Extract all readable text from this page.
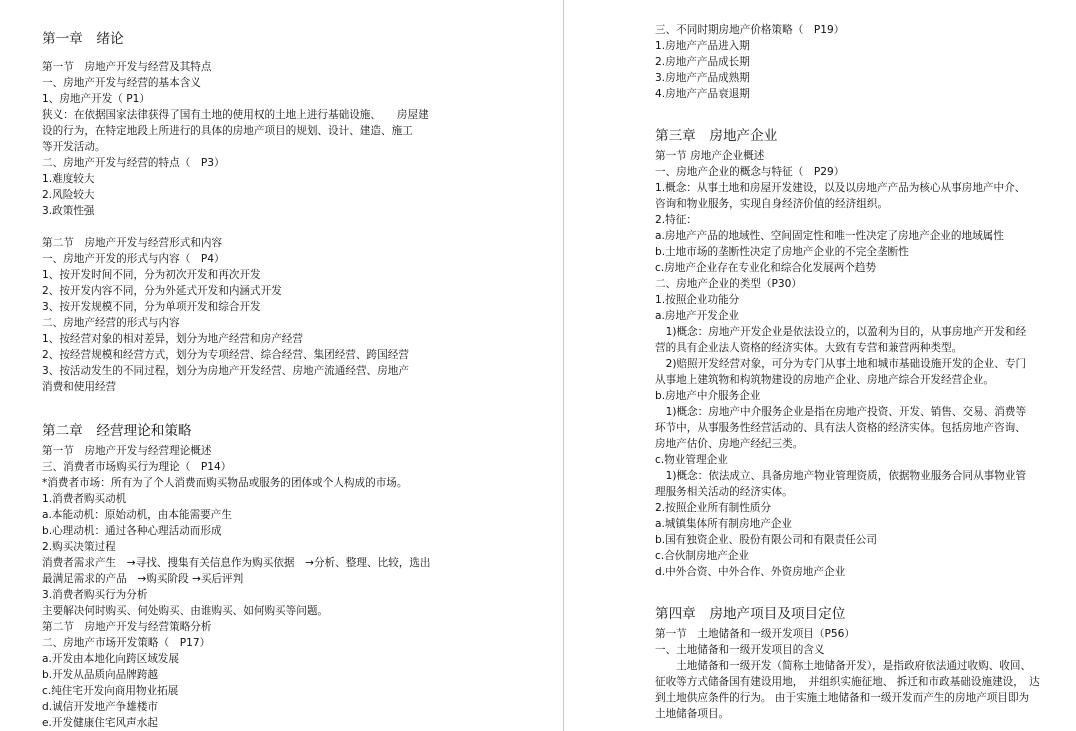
第一章　绪论
第一节　房地产开发与经营及其特点
一、房地产开发与经营的基本含义
1、房地产开发（ P1）
狭义：在依据国家法律获得了国有土地的使用权的土地上进行基础设施、　　房屋建
设的行为，在特定地段上所进行的具体的房地产项目的规划、设计、建造、施工
等开发活动。
二、房地产开发与经营的特点（　P3）
1.难度较大
2.风险较大
3.政策性强
第二节　房地产开发与经营形式和内容
一、房地产开发的形式与内容（　P4）
1、按开发时间不同，分为初次开发和再次开发
2、按开发内容不同，分为外延式开发和内涵式开发
3、按开发规模不同，分为单项开发和综合开发
二、房地产经营的形式与内容
1、按经营对象的相对差异，划分为地产经营和房产经营
2、按经营规模和经营方式，划分为专项经营、综合经营、集团经营、跨国经营
3、按活动发生的不同过程，划分为房地产开发经营、房地产流通经营、房地产
消费和使用经营
第二章　经营理论和策略
第一节　房地产开发与经营理论概述
三、消费者市场购买行为理论（　P14）
*消费者市场：所有为了个人消费而购买物品或服务的团体或个人构成的市场。
1.消费者购买动机
a.本能动机：原始动机，由本能需要产生
b.心理动机：通过各种心理活动而形成
2.购买决策过程
消费者需求产生　→寻找、搜集有关信息作为购买依据　→分析、整理、比较，选出
最满足需求的产品　→购买阶段 →买后评判
3.消费者购买行为分析
主要解决何时购买、何处购买、由谁购买、如何购买等问题。
第二节　房地产开发与经营策略分析
二、房地产市场开发策略（　P17）
a.开发由本地化向跨区域发展
b.开发从品质向品牌跨越
c.纯住宅开发向商用物业拓展
d.诚信开发地产争雄楼市
e.开发健康住宅风声水起
三、不同时期房地产价格策略（　P19）
1.房地产产品进入期
2.房地产产品成长期
3.房地产产品成熟期
4.房地产产品衰退期
第三章　房地产企业
第一节 房地产企业概述
一、房地产企业的概念与特征（　P29）
1.概念：从事土地和房屋开发建设，以及以房地产产品为核心从事房地产中介、
咨询和物业服务，实现自身经济价值的经济组织。
2.特征：
a.房地产产品的地域性、空间固定性和唯一性决定了房地产企业的地域属性
b.土地市场的垄断性决定了房地产企业的不完全垄断性
c.房地产企业存在专业化和综合化发展两个趋势
二、房地产企业的类型（P30）
1.按照企业功能分
a.房地产开发企业
　1)概念：房地产开发企业是依法设立的，以盈利为目的，从事房地产开发和经
营的具有企业法人资格的经济实体。大致有专营和兼营两种类型。
　2)赔照开发经营对象，可分为专门从事土地和城市基础设施开发的企业、专门
从事地上建筑物和构筑物建设的房地产企业、房地产综合开发经营企业。
b.房地产中介服务企业
　1)概念：房地产中介服务企业是指在房地产投资、开发、销售、交易、消费等
环节中，从事服务性经营活动的、具有法人资格的经济实体。包括房地产咨询、
房地产估价、房地产经纪三类。
c.物业管理企业
　1)概念：依法成立、具备房地产物业管理资质，依据物业服务合同从事物业管
理服务相关活动的经济实体。
2.按照企业所有制性质分
a.城镇集体所有制房地产企业
b.国有独资企业、股份有限公司和有限责任公司
c.合伙制房地产企业
d.中外合资、中外合作、外资房地产企业
第四章　房地产项目及项目定位
第一节　土地储备和一级开发项目（P56）
一、土地储备和一级开发项目的含义
　　土地储备和一级开发（简称土地储备开发），是指政府依法通过收购、收回、
征收等方式储备国有建设用地，　并组织实施征地、 拆迁和市政基础设施建设，　达
到土地供应条件的行为。 由于实施土地储备和一级开发而产生的房地产项目即为
土地储备项目。
